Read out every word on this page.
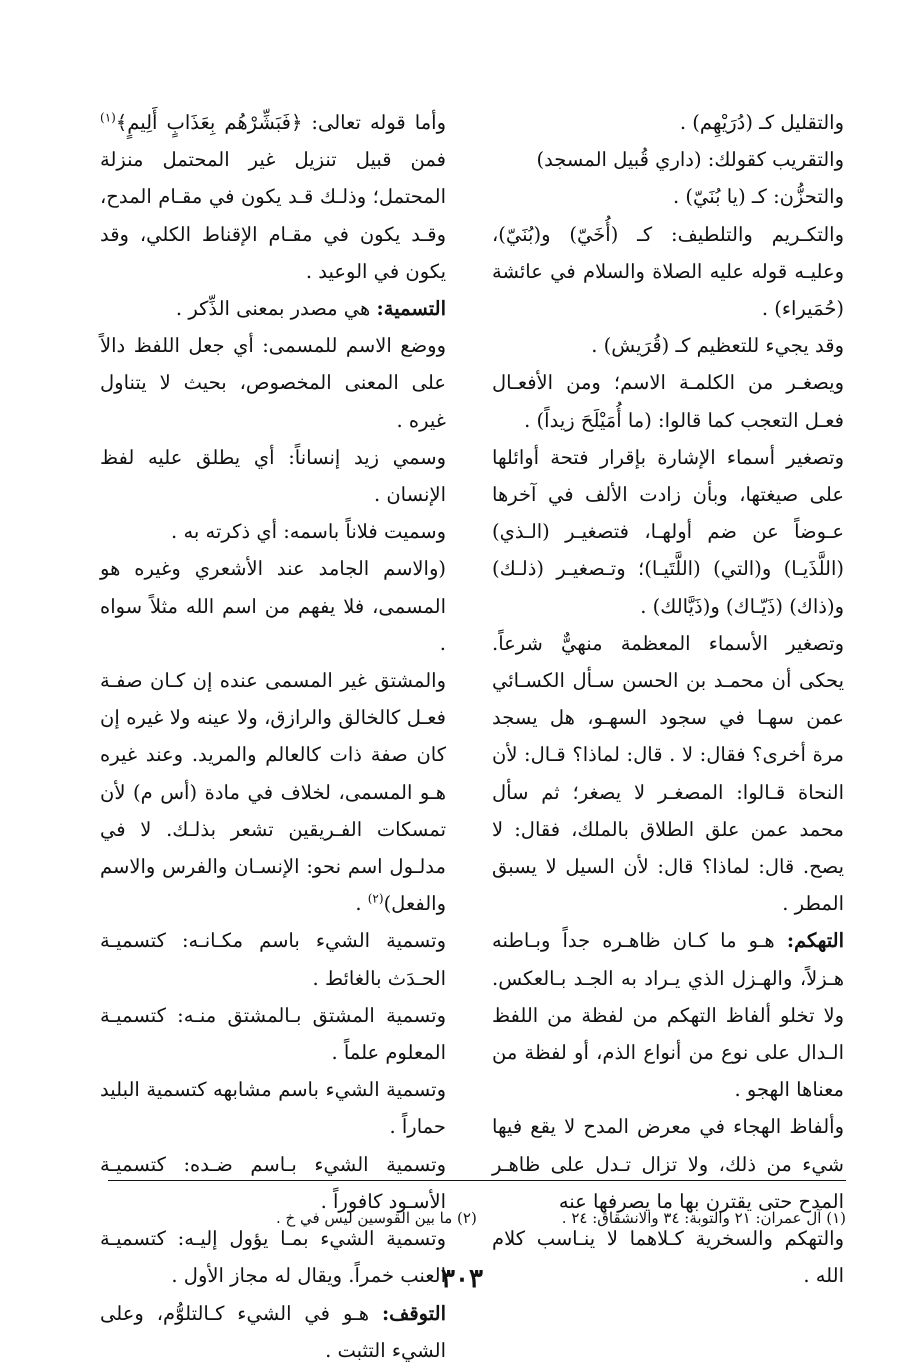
والتقليل كـ (دُرَيْهِم) .

والتقريب كقولك: (داري قُبيل المسجد)

والتحزُّن: كـ (يا بُنَيّ) .

والتكـريم والتلطيف: كـ (أُخَيّ) و(بُنَيّ)، وعليـه قوله عليه الصلاة والسلام في عائشة (حُمَيراء) .

وقد يجيء للتعظيم كـ (قُرَيش) .

ويصغـر من الكلمـة الاسم؛ ومن الأفعـال فعـل التعجب كما قالوا: (ما أُمَيْلَحَ زيداً) .

وتصغير أسماء الإشارة بإقرار فتحة أوائلها على صيغتها، وبأن زادت الألف في آخرها عـوضاً عن ضم أولهـا، فتصغيـر (الـذي) (اللَّذَيـا) و(التي) (اللَّتَيـا)؛ وتـصغيـر (ذلـك) و(ذاك) (ذَيّـاك) و(ذَيَّالك) .

وتصغير الأسماء المعظمة منهيٌّ شرعاً. يحكى أن محمـد بن الحسن سـأل الكسـائي عمن سهـا في سجود السهـو، هل يسجد مرة أخرى؟ فقال: لا . قال: لماذا؟ قـال: لأن النحاة قـالوا: المصغـر لا يصغر؛ ثم سأل محمد عمن علق الطلاق بالملك، فقال: لا يصح. قال: لماذا؟ قال: لأن السيل لا يسبق المطر .

التهكم: هـو ما كـان ظاهـره جداً وبـاطنه هـزلاً، والهـزل الذي يـراد به الجـد بـالعكس. ولا تخلو ألفاظ التهكم من لفظة من اللفظ الـدال على نوع من أنواع الذم، أو لفظة من معناها الهجو .

وألفاظ الهجاء في معرض المدح لا يقع فيها شيء من ذلك، ولا تزال تـدل على ظاهـر المدح حتى يقترن بها ما يصرفها عنه

والتهكم والسخرية كـلاهما لا ينـاسب كلام الله .

وأما قوله تعالى: ﴿فَبَشِّرْهُم بِعَذَابٍ أَلِيمٍ﴾$^{(١)}$ فمن قبيل تنزيل غير المحتمل منزلة المحتمل؛ وذلـك قـد يكون في مقـام المدح، وقـد يكون في مقـام الإقناط الكلي، وقد يكون في الوعيد .

التسمية: هي مصدر بمعنى الذِّكر .

ووضع الاسم للمسمى: أي جعل اللفظ دالاً على المعنى المخصوص، بحيث لا يتناول غيره .

وسمي زيد إنساناً: أي يطلق عليه لفظ الإنسان .

وسميت فلاناً باسمه: أي ذكرته به .

(والاسم الجامد عند الأشعري وغيره هو المسمى، فلا يفهم من اسم الله مثلاً سواه .

والمشتق غير المسمى عنده إن كـان صفـة فعـل كالخالق والرازق، ولا عينه ولا غيره إن كان صفة ذات كالعالم والمريد. وعند غيره هـو المسمى، لخلاف في مادة (أس م) لأن تمسكات الفـريقين تشعر بذلـك. لا في مدلـول اسم نحو: الإنسـان والفرس والاسم والفعل)$^{(٢)}$ .

وتسمية الشيء باسم مكـانـه: كتسميـة الحـدَث بالغائط .

وتسمية المشتق بـالمشتق منـه: كتسميـة المعلوم علماً .

وتسمية الشيء باسم مشابهه كتسمية البليد حماراً .

وتسمية الشيء بـاسم ضـده: كتسميـة الأسـود كافوراً .

وتسمية الشيء بمـا يؤول إليـه: كتسميـة العنب خمراً. ويقال له مجاز الأول .

التوقف: هـو في الشيء كـالتلوُّم، وعلى الشيء التثبت .

(١) آل عمران: ٢١ والتوبة: ٣٤ والانشقاق: ٢٤ .
(٢) ما بين القوسين ليس في خ .
٣٠٣
